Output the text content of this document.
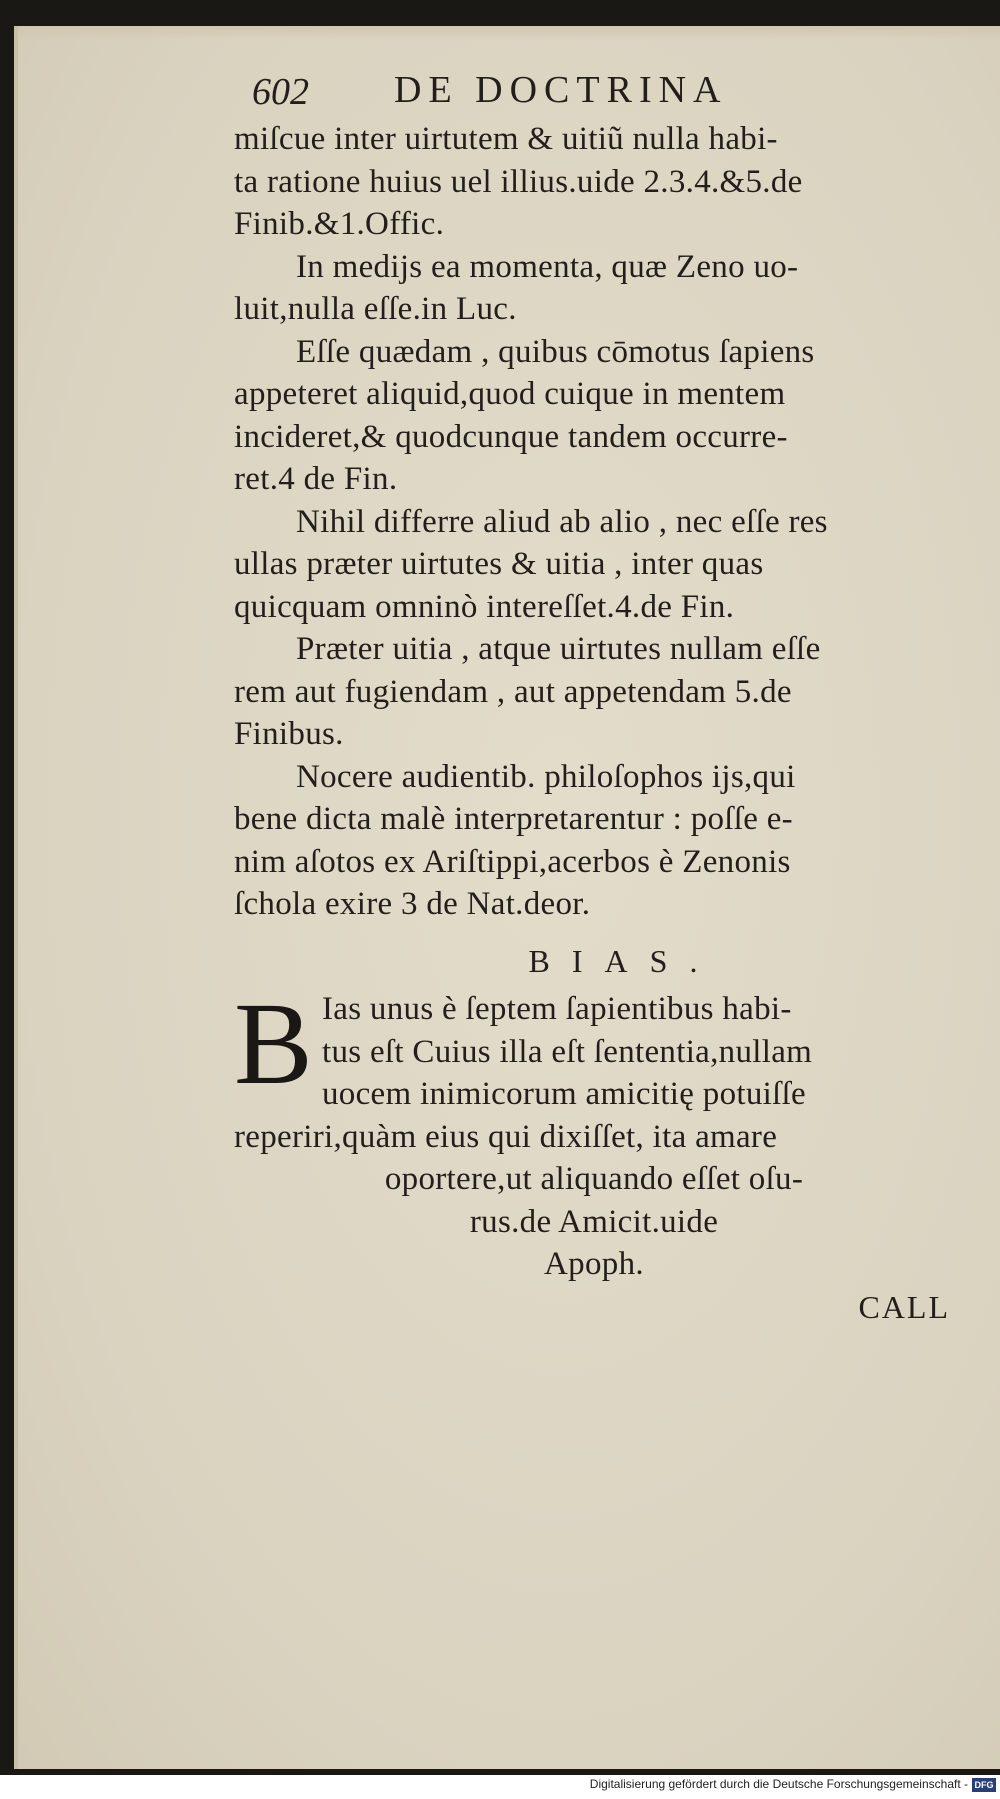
602 DE DOCTRINA
miſcue inter uirtutem & uitiũ nulla habi-
ta ratione huius uel illius.uide 2.3.4.&5.de
Finib.&1.Offic.
In medijs ea momenta, quæ Zeno uo-
luit,nulla eſſe.in Luc.
Eſſe quædam , quibus cōmotus ſapiens
appeteret aliquid,quod cuique in mentem
incideret,& quodcunque tandem occurre-
ret.4 de Fin.
Nihil differre aliud ab alio , nec eſſe res
ullas præter uirtutes & uitia , inter quas
quicquam omninò intereſſet.4.de Fin.
Præter uitia , atque uirtutes nullam eſſe
rem aut fugiendam , aut appetendam 5.de
Finibus.
Nocere audientib. philoſophos ijs,qui
bene dicta malè interpretarentur : poſſe e-
nim aſotos ex Ariſtippi,acerbos è Zenonis
ſchola exire 3 de Nat.deor.
BIAS.
B Ias unus è ſeptem ſapientibus habi-
tus eſt Cuius illa eſt ſententia,nullam
uocem inimicorum amicitię potuiſſe
reperiri,quàm eius qui dixiſſet, ita amare
oportere,ut aliquando eſſet oſu-
rus.de Amicit.uide
Apoph.
CALL
Digitalisierung gefördert durch die Deutsche Forschungsgemeinschaft - DFG
